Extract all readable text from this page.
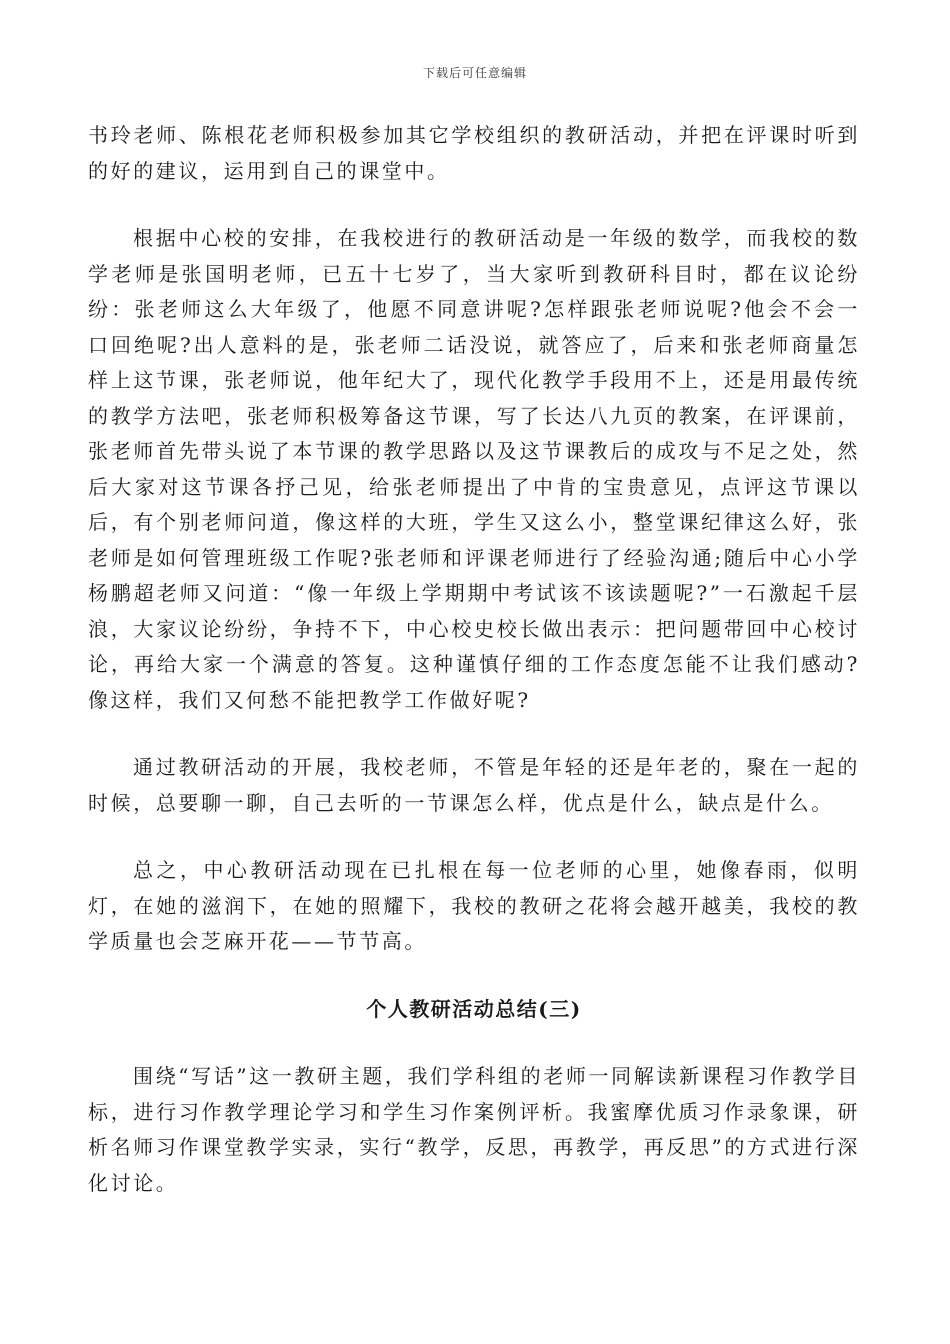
下载后可任意编辑

书玲老师、陈根花老师积极参加其它学校组织的教研活动，并把在评课时听到的好的建议，运用到自己的课堂中。

根据中心校的安排，在我校进行的教研活动是一年级的数学，而我校的数学老师是张国明老师，已五十七岁了，当大家听到教研科目时，都在议论纷纷：张老师这么大年级了，他愿不同意讲呢?怎样跟张老师说呢?他会不会一口回绝呢?出人意料的是，张老师二话没说，就答应了，后来和张老师商量怎样上这节课，张老师说，他年纪大了，现代化教学手段用不上，还是用最传统的教学方法吧，张老师积极筹备这节课，写了长达八九页的教案，在评课前，张老师首先带头说了本节课的教学思路以及这节课教后的成攻与不足之处，然后大家对这节课各抒己见，给张老师提出了中肯的宝贵意见，点评这节课以后，有个别老师问道，像这样的大班，学生又这么小，整堂课纪律这么好，张老师是如何管理班级工作呢?张老师和评课老师进行了经验沟通;随后中心小学杨鹏超老师又问道：“像一年级上学期期中考试该不该读题呢?”一石激起千层浪，大家议论纷纷，争持不下，中心校史校长做出表示：把问题带回中心校讨论，再给大家一个满意的答复。这种谨慎仔细的工作态度怎能不让我们感动?像这样，我们又何愁不能把教学工作做好呢?

通过教研活动的开展，我校老师，不管是年轻的还是年老的，聚在一起的时候，总要聊一聊，自己去听的一节课怎么样，优点是什么，缺点是什么。

总之，中心教研活动现在已扎根在每一位老师的心里，她像春雨，似明灯，在她的滋润下，在她的照耀下，我校的教研之花将会越开越美，我校的教学质量也会芝麻开花——节节高。

个人教研活动总结(三)

围绕“写话”这一教研主题，我们学科组的老师一同解读新课程习作教学目标，进行习作教学理论学习和学生习作案例评析。我蜜摩优质习作录象课，研析名师习作课堂教学实录，实行“教学，反思，再教学，再反思”的方式进行深化讨论。
